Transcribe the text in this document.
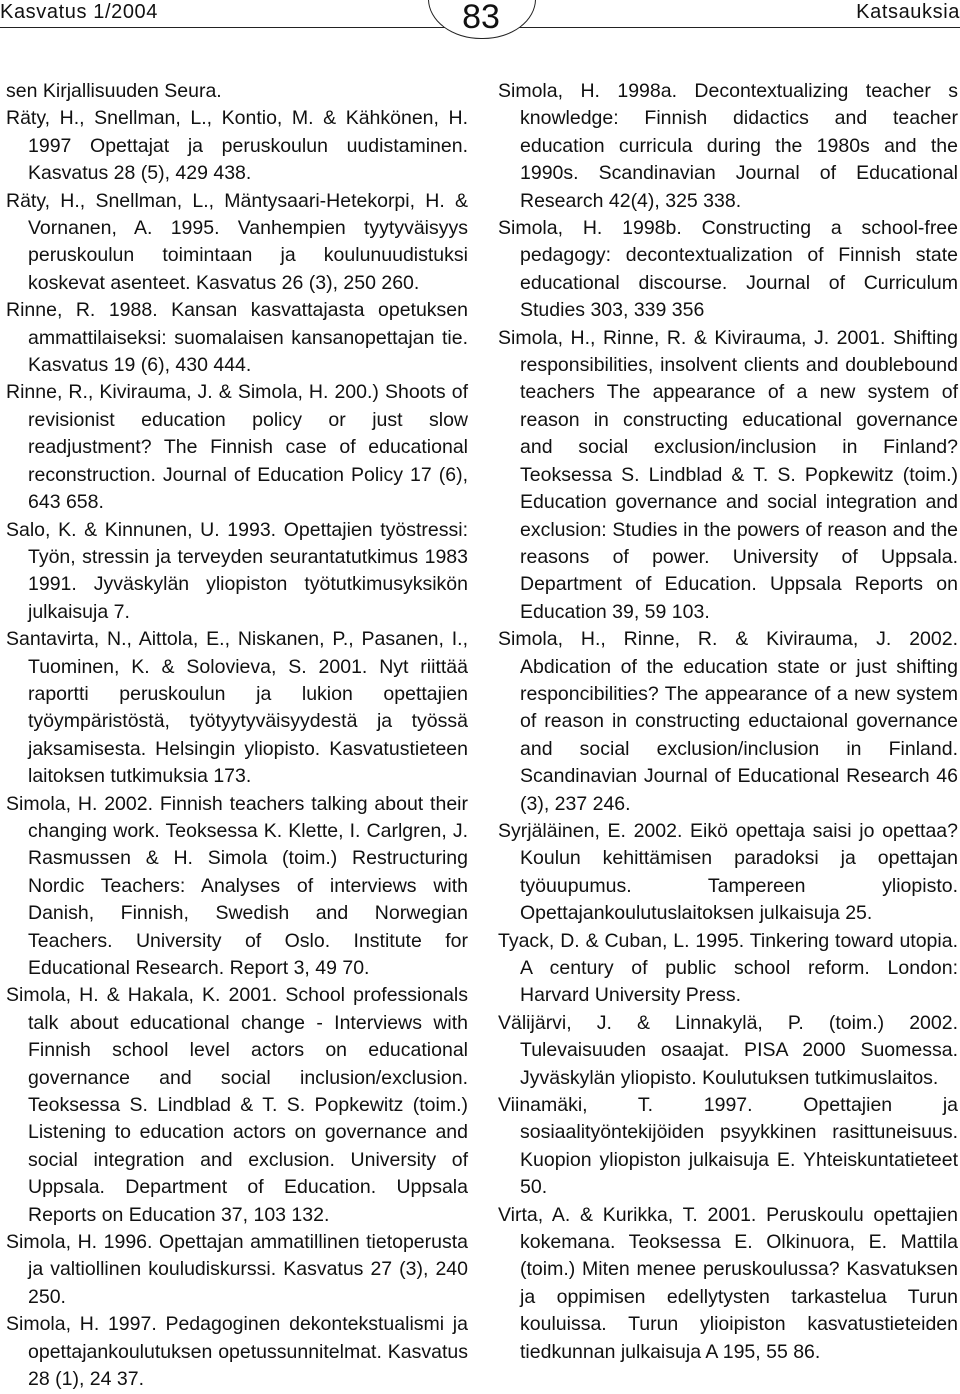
Kasvatus 1/2004	83	Katsauksia

sen Kirjallisuuden Seura.

Räty, H., Snellman, L., Kontio, M. & Kähkönen, H. 1997 Opettajat ja peruskoulun uudistaminen. Kasvatus 28 (5), 429 438.

Räty, H., Snellman, L., Mäntysaari-Hetekorpi, H. & Vornanen, A. 1995. Vanhempien tyytyväisyys peruskoulun toimintaan ja koulunuudistuksi koskevat asenteet. Kasvatus 26 (3), 250 260.

Rinne, R. 1988. Kansan kasvattajasta opetuksen ammattilaiseksi: suomalaisen kansanopettajan tie. Kasvatus 19 (6), 430 444.

Rinne, R., Kivirauma, J. & Simola, H. 200.) Shoots of revisionist education policy or just slow readjustment? The Finnish case of educational reconstruction. Journal of Education Policy 17 (6), 643 658.

Salo, K. & Kinnunen, U. 1993. Opettajien työstressi: Työn, stressin ja terveyden seurantatutkimus 1983 1991. Jyväskylän yliopiston työtutkimusyksikön julkaisuja 7.

Santavirta, N., Aittola, E., Niskanen, P., Pasanen, I., Tuominen, K. & Solovieva, S. 2001. Nyt riittää raportti peruskoulun ja lukion opettajien työympäristöstä, työtyytyväisyydestä ja työssä jaksamisesta. Helsingin yliopisto. Kasvatustieteen laitoksen tutkimuksia 173.

Simola, H. 2002. Finnish teachers talking about their changing work. Teoksessa K. Klette, I. Carlgren, J. Rasmussen & H. Simola (toim.) Restructuring Nordic Teachers: Analyses of interviews with Danish, Finnish, Swedish and Norwegian Teachers. University of Oslo. Institute for Educational Research. Report 3, 49 70.

Simola, H. & Hakala, K. 2001. School professionals talk about educational change - Interviews with Finnish school level actors on educational governance and social inclusion/exclusion. Teoksessa S. Lindblad & T. S. Popkewitz (toim.) Listening to education actors on governance and social integration and exclusion. University of Uppsala. Department of Education. Uppsala Reports on Education 37, 103 132.

Simola, H. 1996. Opettajan ammatillinen tietoperusta ja valtiollinen kouludiskurssi. Kasvatus 27 (3), 240 250.

Simola, H. 1997. Pedagoginen dekontekstualismi ja opettajankoulutuksen opetussunnitelmat. Kasvatus 28 (1), 24 37.

Simola, H. 1998a. Decontextualizing teacher s knowledge: Finnish didactics and teacher education curricula during the 1980s and the 1990s. Scandinavian Journal of Educational Research 42(4), 325 338.

Simola, H. 1998b. Constructing a school-free pedagogy: decontextualization of Finnish state educational discourse. Journal of Curriculum Studies 303, 339 356

Simola, H., Rinne, R. & Kivirauma, J. 2001. Shifting responsibilities, insolvent clients and doublebound teachers The appearance of a new system of reason in constructing educational governance and social exclusion/inclusion in Finland? Teoksessa S. Lindblad & T. S. Popkewitz (toim.) Education governance and social integration and exclusion: Studies in the powers of reason and the reasons of power. University of Uppsala. Department of Education. Uppsala Reports on Education 39, 59 103.

Simola, H., Rinne, R. & Kivirauma, J. 2002. Abdication of the education state or just shifting responcibilities? The appearance of a new system of reason in constructing eductaional governance and social exclusion/inclusion in Finland. Scandinavian Journal of Educational Research 46 (3), 237 246.

Syrjäläinen, E. 2002. Eikö opettaja saisi jo opettaa? Koulun kehittämisen paradoksi ja opettajan työuupumus. Tampereen yliopisto. Opettajankoulutuslaitoksen julkaisuja 25.

Tyack, D. & Cuban, L. 1995. Tinkering toward utopia. A century of public school reform. London: Harvard University Press.

Välijärvi, J. & Linnakylä, P. (toim.) 2002. Tulevaisuuden osaajat. PISA 2000 Suomessa. Jyväskylän yliopisto. Koulutuksen tutkimuslaitos.

Viinamäki, T. 1997. Opettajien ja sosiaalityöntekijöiden psyykkinen rasittuneisuus. Kuopion yliopiston julkaisuja E. Yhteiskuntatieteet 50.

Virta, A. & Kurikka, T. 2001. Peruskoulu opettajien kokemana. Teoksessa E. Olkinuora, E. Mattila (toim.) Miten menee peruskoulussa? Kasvatuksen ja oppimisen edellytysten tarkastelua Turun kouluissa. Turun ylioipiston kasvatustieteiden tiedkunnan julkaisuja A 195, 55 86.
